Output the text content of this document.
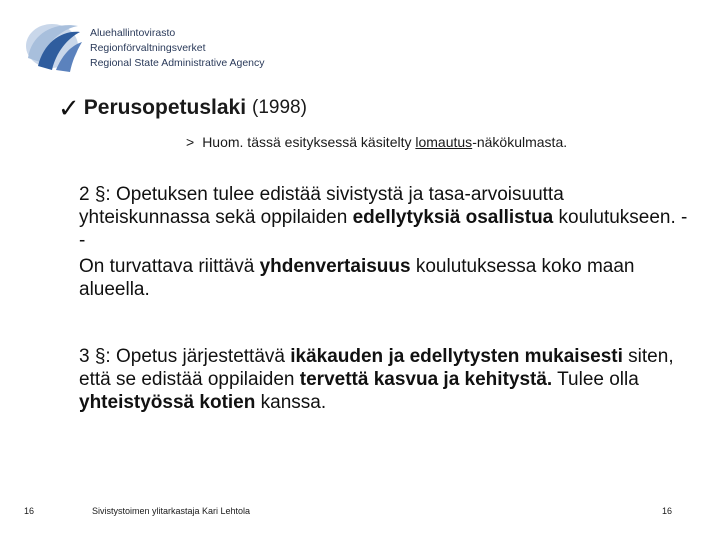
Aluehallintovirasto
Regionförvaltningsverket
Regional State Administrative Agency
✓ Perusopetuslaki (1998)
> Huom. tässä esityksessä käsitelty lomautus-näkökulmasta.
2 §: Opetuksen tulee edistää sivistystä ja tasa-arvoisuutta yhteiskunnassa sekä oppilaiden edellytyksiä osallistua koulutukseen. - -
On turvattava riittävä yhdenvertaisuus koulutuksessa koko maan alueella.
3 §: Opetus järjestettävä ikäkauden ja edellytysten mukaisesti siten, että se edistää oppilaiden tervettä kasvua ja kehitystä. Tulee olla yhteistyössä kotien kanssa.
16	Sivistystoimen ylitarkastaja Kari Lehtola	16
